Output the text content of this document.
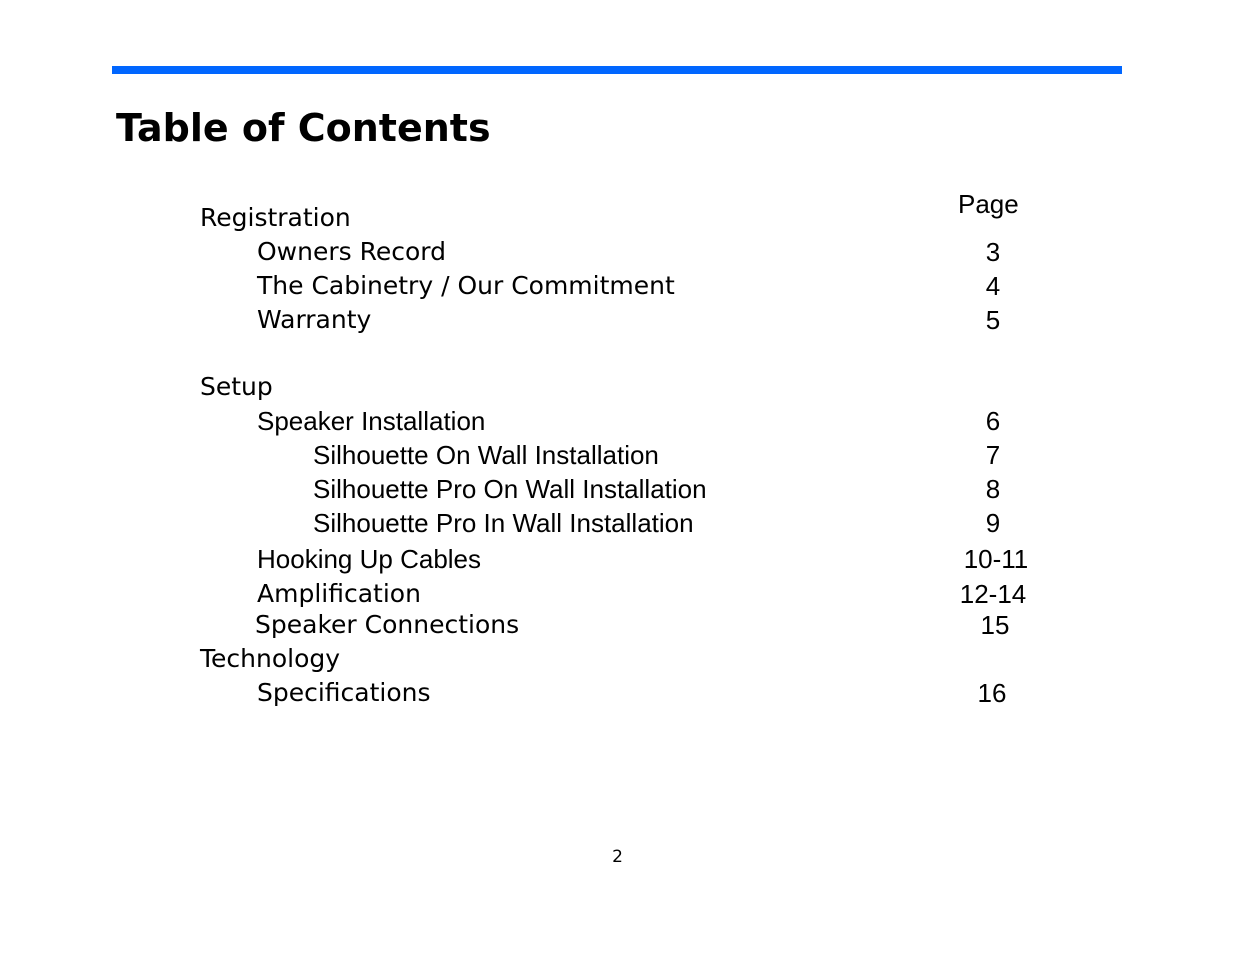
Table of Contents
Page
Registration
Owners Record	3
The Cabinetry / Our Commitment	4
Warranty	5
Setup
Speaker Installation	6
Silhouette On Wall Installation	7
Silhouette Pro On Wall Installation	8
Silhouette Pro In Wall Installation	9
Hooking Up Cables	10-11
Amplification	12-14
Speaker Connections	15
Technology
Specifications	16
2
